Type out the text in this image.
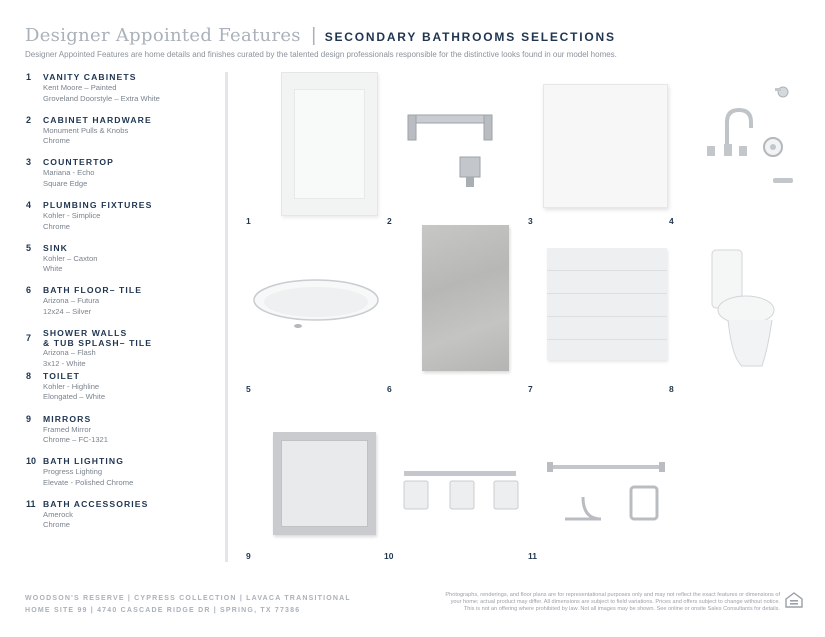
Designer Appointed Features | SECONDARY BATHROOMS SELECTIONS
Designer Appointed Features are home details and finishes curated by the talented design professionals responsible for the distinctive looks found in our model homes.
1 VANITY CABINETS
Kent Moore – Painted
Groveland Doorstyle – Extra White
2 CABINET HARDWARE
Monument Pulls & Knobs
Chrome
3 COUNTERTOP
Mariana - Echo
Square Edge
4 PLUMBING FIXTURES
Kohler - Simplice
Chrome
5 SINK
Kohler – Caxton
White
6 BATH FLOOR– TILE
Arizona – Futura
12x24 – Silver
7 SHOWER WALLS
& TUB SPLASH– TILE
Arizona – Flash
3x12 - White
8 TOILET
Kohler - Highline
Elongated – White
9 MIRRORS
Framed Mirror
Chrome – FC-1321
10 BATH LIGHTING
Progress Lighting
Elevate - Polished Chrome
11 BATH ACCESSORIES
Amerock
Chrome
1	2	3	4
5	6	7	8
9	10	11
WOODSON'S RESERVE | CYPRESS COLLECTION | LAVACA TRANSITIONAL
HOME SITE 99 | 4740 CASCADE RIDGE DR | SPRING, TX 77386
Photographs, renderings, and floor plans are for representational purposes only and may not reflect the exact features or dimensions of
your home; actual product may differ. All dimensions are subject to field variations. Prices and offers subject to change without notice.
This is not an offering where prohibited by law. Not all images may be shown. See online or onsite Sales Consultants for details.
